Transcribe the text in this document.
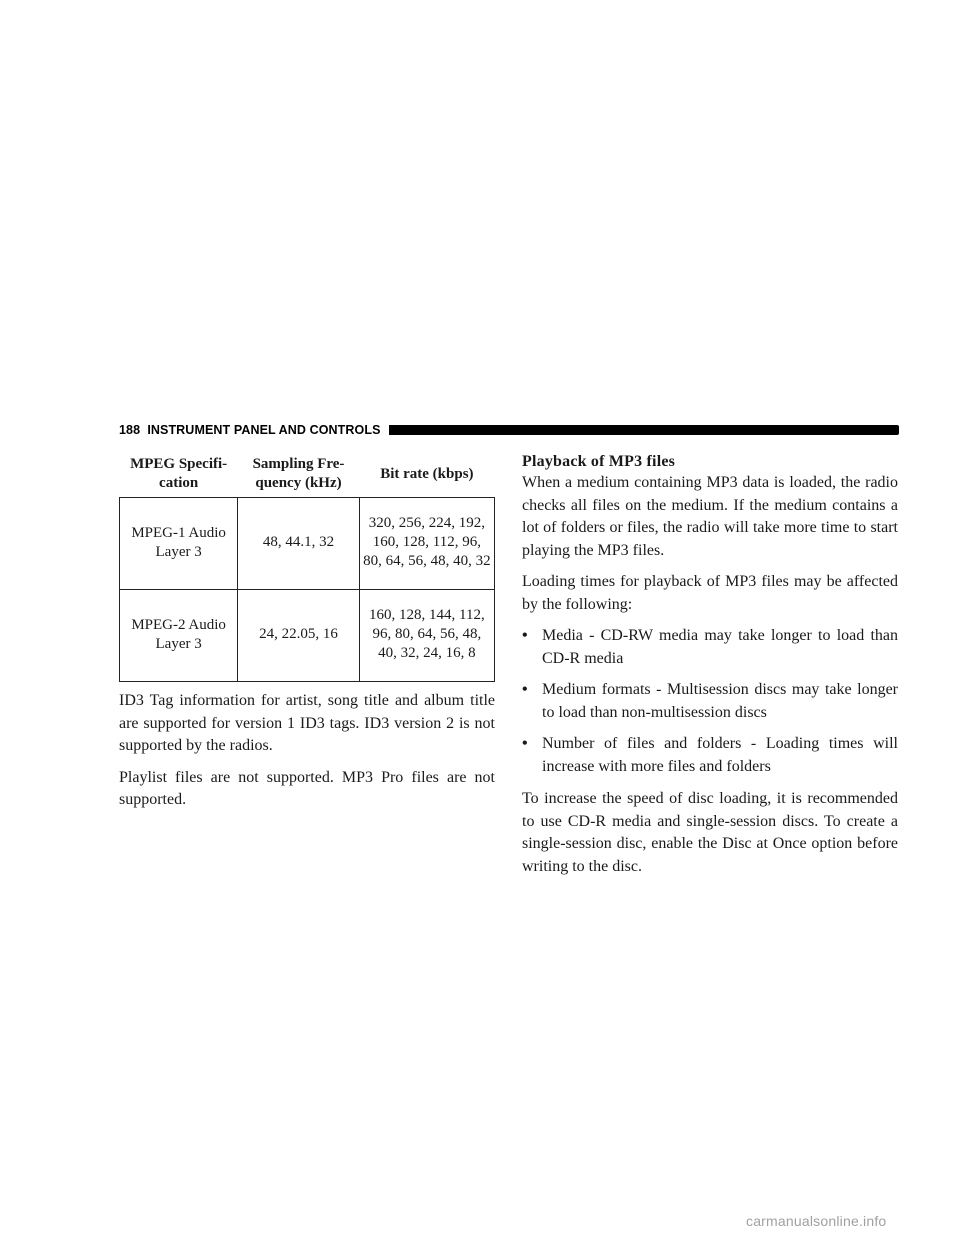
188 INSTRUMENT PANEL AND CONTROLS
MPEG Specifi- cation	Sampling Fre- quency (kHz)	Bit rate (kbps)
MPEG-1 Audio Layer 3	48, 44.1, 32	320, 256, 224, 192, 160, 128, 112, 96, 80, 64, 56, 48, 40, 32
MPEG-2 Audio Layer 3	24, 22.05, 16	160, 128, 144, 112, 96, 80, 64, 56, 48, 40, 32, 24, 16, 8

ID3 Tag information for artist, song title and album title are supported for version 1 ID3 tags. ID3 version 2 is not supported by the radios.

Playlist files are not supported. MP3 Pro files are not supported.

Playback of MP3 files

When a medium containing MP3 data is loaded, the radio checks all files on the medium. If the medium contains a lot of folders or files, the radio will take more time to start playing the MP3 files.

Loading times for playback of MP3 files may be affected by the following:

• Media - CD-RW media may take longer to load than CD-R media
• Medium formats - Multisession discs may take longer to load than non-multisession discs
• Number of files and folders - Loading times will increase with more files and folders

To increase the speed of disc loading, it is recommended to use CD-R media and single-session discs. To create a single-session disc, enable the Disc at Once option before writing to the disc.

carmanualsonline.info
